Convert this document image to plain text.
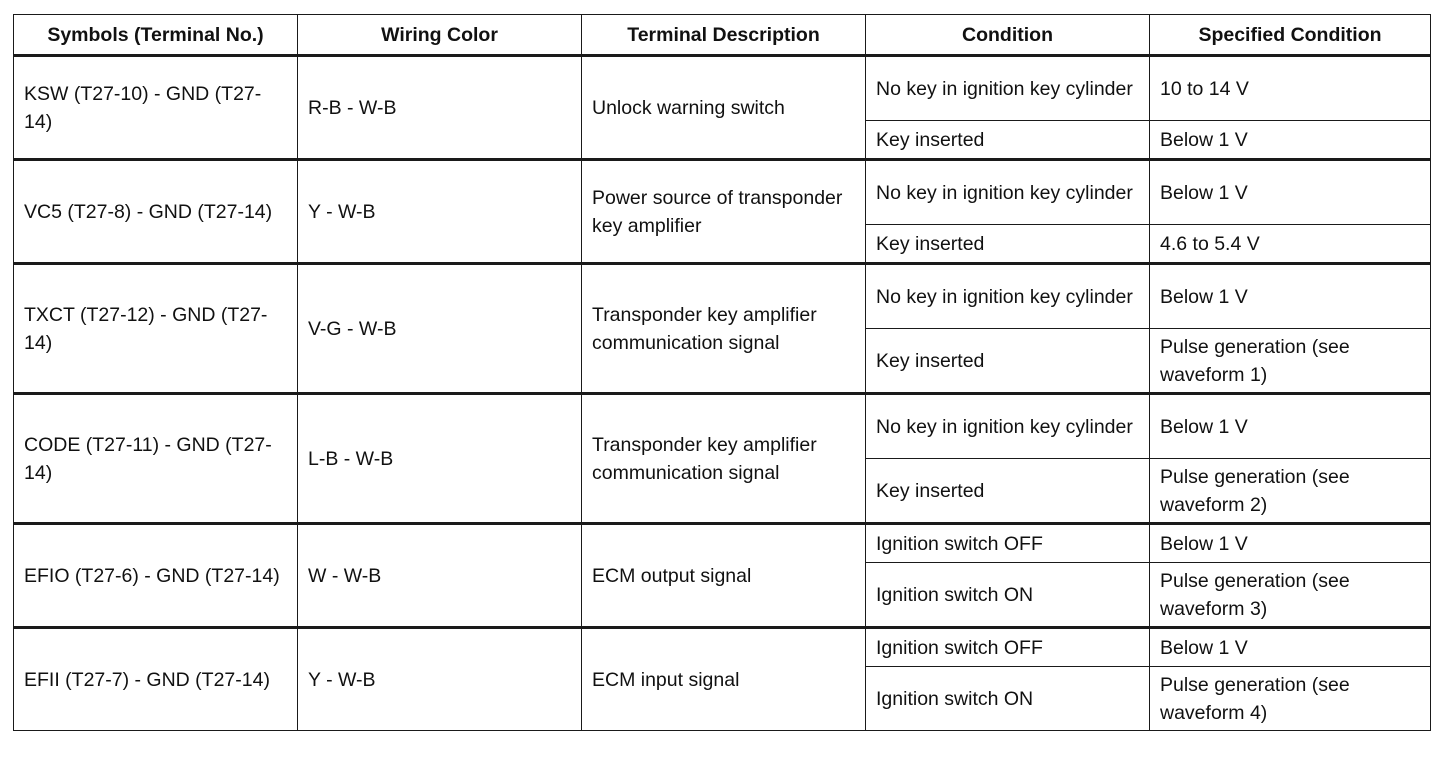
Symbols (Terminal No.)	Wiring Color	Terminal Description	Condition	Specified Condition
KSW (T27-10) - GND (T27-14)	R-B - W-B	Unlock warning switch	No key in ignition key cylinder	10 to 14 V
			Key inserted	Below 1 V
VC5 (T27-8) - GND (T27-14)	Y - W-B	Power source of transponder key amplifier	No key in ignition key cylinder	Below 1 V
			Key inserted	4.6 to 5.4 V
TXCT (T27-12) - GND (T27-14)	V-G - W-B	Transponder key amplifier communication signal	No key in ignition key cylinder	Below 1 V
			Key inserted	Pulse generation (see waveform 1)
CODE (T27-11) - GND (T27-14)	L-B - W-B	Transponder key amplifier communication signal	No key in ignition key cylinder	Below 1 V
			Key inserted	Pulse generation (see waveform 2)
EFIO (T27-6) - GND (T27-14)	W - W-B	ECM output signal	Ignition switch OFF	Below 1 V
			Ignition switch ON	Pulse generation (see waveform 3)
EFII (T27-7) - GND (T27-14)	Y - W-B	ECM input signal	Ignition switch OFF	Below 1 V
			Ignition switch ON	Pulse generation (see waveform 4)
